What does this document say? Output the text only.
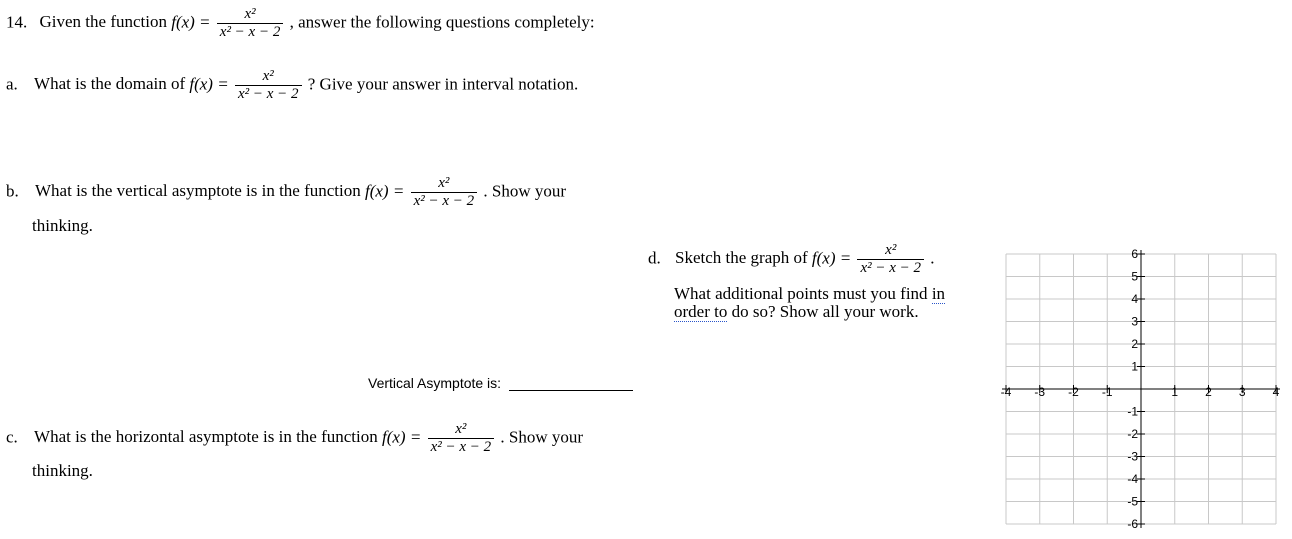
14. Given the function $f(x) = \frac{\text{x²}}{\text{x² − x − 2}}$ , answer the following questions completely:
a. What is the domain of $f(x) = \frac{\text{x²}}{\text{x² − x − 2}}$ ? Give your answer in interval notation.
b. What is the vertical asymptote is in the function $f(x) = \frac{\text{x²}}{\text{x² − x − 2}}$ . Show your
thinking.
Vertical Asymptote is:
c. What is the horizontal asymptote is in the function $f(x) = \frac{\text{x²}}{\text{x² − x − 2}}$ . Show your
thinking.
d. Sketch the graph of $f(x) = \frac{\text{x²}}{\text{x² − x − 2}}$ .
What additional points must you find in
order to do so? Show all your work.
-4 -3 -2 -1	1 2 3 4
6
5
4
3
2
1
-1
-2
-3
-4
-5
-6
